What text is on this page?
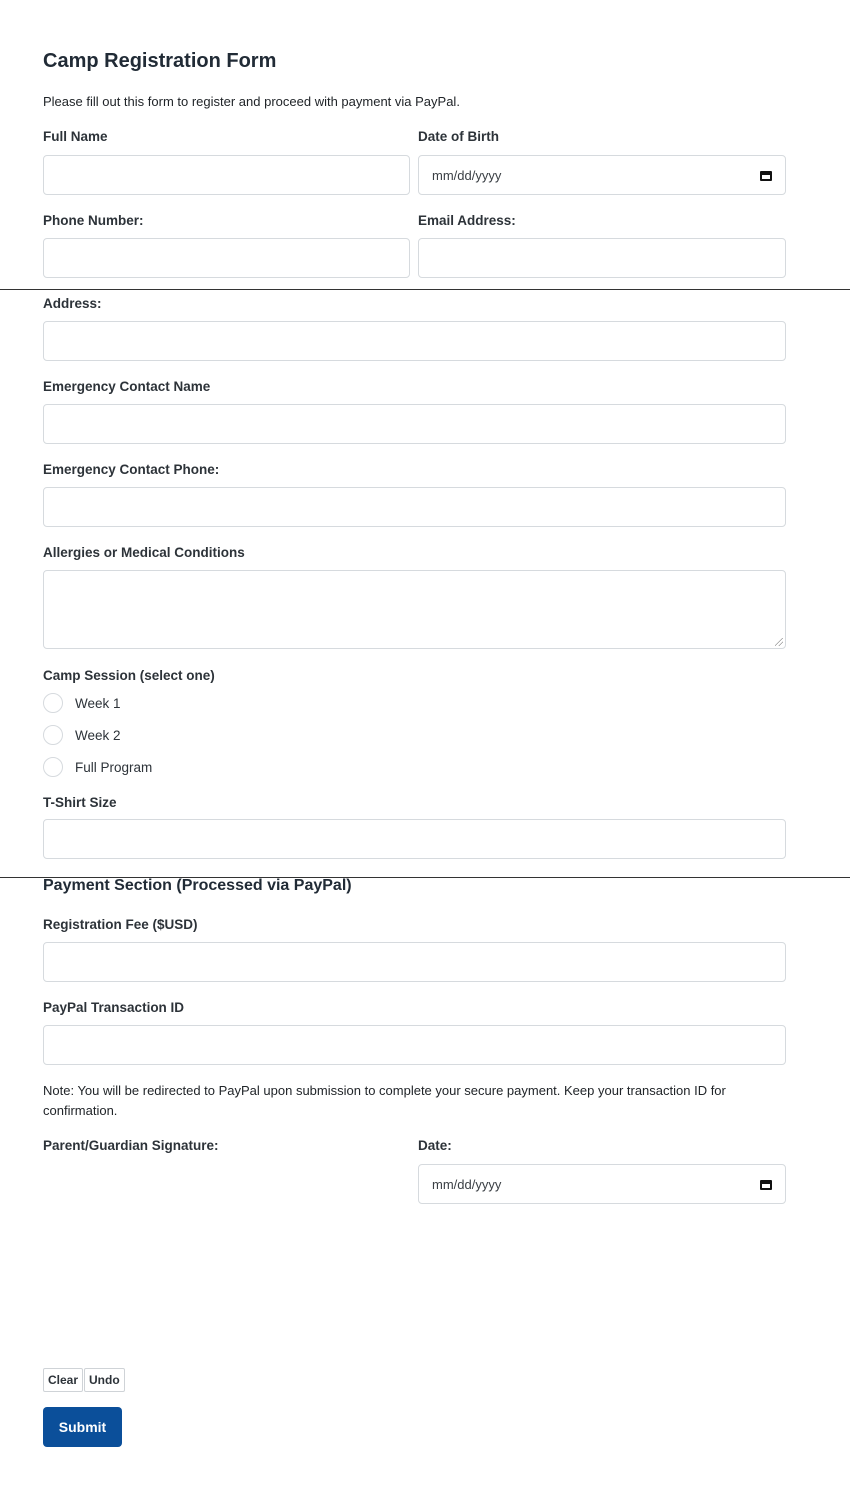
Camp Registration Form

Please fill out this form to register and proceed with payment via PayPal.

Full Name	Date of Birth
mm/dd/yyyy
Phone Number:	Email Address:
Address:
Emergency Contact Name
Emergency Contact Phone:
Allergies or Medical Conditions
Camp Session (select one)
Week 1
Week 2
Full Program
T-Shirt Size
Payment Section (Processed via PayPal)
Registration Fee ($USD)
PayPal Transaction ID

Note: You will be redirected to PayPal upon submission to complete your secure payment. Keep your transaction ID for confirmation.

Parent/Guardian Signature:	Date:
mm/dd/yyyy
Clear Undo
Submit
